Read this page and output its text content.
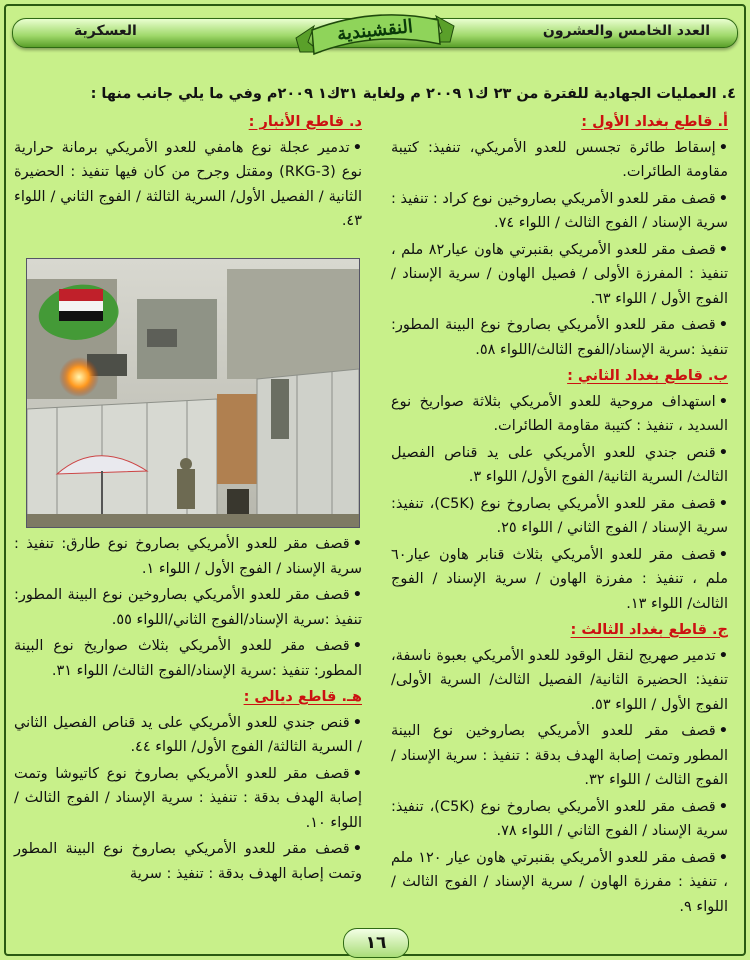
العدد الخامس والعشرون
العسكرية	النقشبندية
٤. العمليات الجهادية للفترة من ٢٣ ك١ ٢٠٠٩ م ولغاية ٣١ك١ ٢٠٠٩م وفي ما يلي جانب منها :
أ. قاطع بغداد الأول :
•إسقاط طائرة تجسس للعدو الأمريكي، تنفيذ: كتيبة مقاومة الطائرات.
•قصف مقر للعدو الأمريكي بصاروخين نوع كراد : تنفيذ : سرية الإسناد / الفوج الثالث / اللواء ٧٤.
•قصف مقر للعدو الأمريكي بقنبرتي هاون عيار٨٢ ملم ، تنفيذ : المفرزة الأولى / فصيل الهاون / سرية الإسناد / الفوج الأول / اللواء ٦٣.
•قصف مقر للعدو الأمريكي بصاروخ نوع البينة المطور: تنفيذ :سرية الإسناد/الفوج الثالث/اللواء ٥٨.
ب. قاطع بغداد الثاني :
•استهداف مروحية للعدو الأمريكي بثلاثة صواريخ نوع السديد ، تنفيذ : كتيبة مقاومة الطائرات.
•قنص جندي للعدو الأمريكي على يد قناص الفصيل الثالث/ السرية الثانية/ الفوج الأول/ اللواء ٣.
•قصف مقر للعدو الأمريكي بصاروخ نوع (C5K)، تنفيذ: سرية الإسناد / الفوج الثاني / اللواء ٢٥.
•قصف مقر للعدو الأمريكي بثلاث قنابر هاون عيار٦٠ ملم ، تنفيذ : مفرزة الهاون / سرية الإسناد / الفوج الثالث/ اللواء ١٣.
ج. قاطع بغداد الثالث :
•تدمير صهريج لنقل الوقود للعدو الأمريكي بعبوة ناسفة، تنفيذ: الحضيرة الثانية/ الفصيل الثالث/ السرية الأولى/ الفوج الأول / اللواء ٥٣.
•قصف مقر للعدو الأمريكي بصاروخين نوع البينة المطور وتمت إصابة الهدف بدقة : تنفيذ : سرية الإسناد / الفوج الثالث / اللواء ٣٢.
•قصف مقر للعدو الأمريكي بصاروخ نوع (C5K)، تنفيذ: سرية الإسناد / الفوج الثاني / اللواء ٧٨.
•قصف مقر للعدو الأمريكي بقنبرتي هاون عيار ١٢٠ ملم ، تنفيذ : مفرزة الهاون / سرية الإسناد / الفوج الثالث / اللواء ٩.
د. قاطع الأنبار :
•تدمير عجلة نوع هامفي للعدو الأمريكي برمانة حرارية نوع (RKG-3) ومقتل وجرح من كان فيها تنفيذ : الحضيرة الثانية / الفصيل الأول/ السرية الثالثة / الفوج الثاني / اللواء ٤٣.
•قصف مقر للعدو الأمريكي بصاروخ نوع طارق: تنفيذ : سرية الإسناد / الفوج الأول / اللواء ١.
•قصف مقر للعدو الأمريكي بصاروخين نوع البينة المطور: تنفيذ :سرية الإسناد/الفوج الثاني/اللواء ٥٥.
•قصف مقر للعدو الأمريكي بثلاث صواريخ نوع البينة المطور: تنفيذ :سرية الإسناد/الفوج الثالث/ اللواء ٣١.
هـ. قاطع ديالى :
•قنص جندي للعدو الأمريكي على يد قناص الفصيل الثاني / السرية الثالثة/ الفوج الأول/ اللواء ٤٤.
•قصف مقر للعدو الأمريكي بصاروخ نوع كاتيوشا وتمت إصابة الهدف بدقة : تنفيذ : سرية الإسناد / الفوج الثالث / اللواء ١٠.
•قصف مقر للعدو الأمريكي بصاروخ نوع البينة المطور وتمت إصابة الهدف بدقة : تنفيذ : سرية
١٦
